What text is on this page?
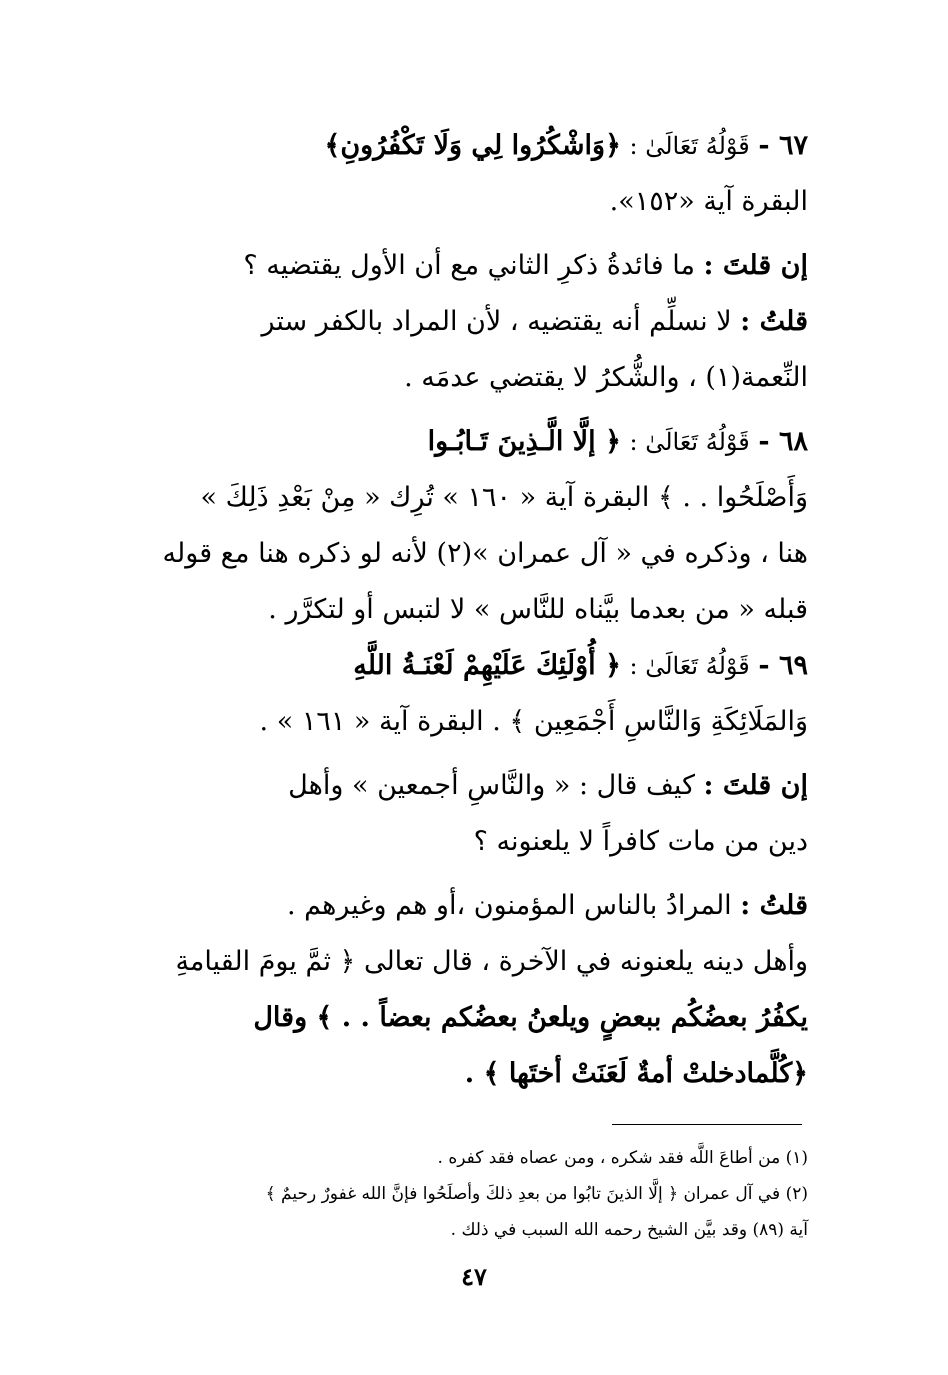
٦٧ - قَوْلُهُ تَعَالَىٰ : ﴿وَاشْكُرُوا لِي وَلَا تَكْفُرُونِ﴾
البقرة آية «١٥٢».
إن قلتَ : ما فائدةُ ذكرِ الثاني مع أن الأول يقتضيه ؟
قلتُ : لا نسلِّم أنه يقتضيه ، لأن المراد بالكفر ستر
النِّعمة(١) ، والشُّكرُ لا يقتضي عدمَه .
٦٨ - قَوْلُهُ تَعَالَىٰ : ﴿ إلَّا الَّـذِينَ تَـابُـوا
وَأَصْلَحُوا . . ﴾ البقرة آية « ١٦٠ » تُرِك « مِنْ بَعْدِ ذَلِكَ »
هنا ، وذكره في « آل عمران »(٢) لأنه لو ذكره هنا مع قوله
قبله « من بعدما بيَّناه للنَّاس » لا لتبس أو لتكرَّر .
٦٩ - قَوْلُهُ تَعَالَىٰ : ﴿ أُوْلَئِكَ عَلَيْهِمْ لَعْنَـةُ اللَّهِ
وَالمَلَائِكَةِ وَالنَّاسِ أَجْمَعِين ﴾ . البقرة آية « ١٦١ » .
إن قلتَ : كيف قال : « والنَّاسِ أجمعين » وأهل
دين من مات كافراً لا يلعنونه ؟
قلتُ : المرادُ بالناس المؤمنون ،أو هم وغيرهم .
وأهل دينه يلعنونه في الآخرة ، قال تعالى ﴿ ثمَّ يومَ القيامةِ
يكفُرُ بعضُكُم ببعضٍ ويلعنُ بعضُكم بعضاً . . ﴾ وقال
﴿كُلَّمادخلتْ أمةٌ لَعَنَتْ أختَها ﴾ .
(١) من أطاعَ اللَّه فقد شكره ، ومن عصاه فقد كفره .
(٢) في آل عمران ﴿ إلَّا الذينَ تابُوا من بعدِ ذلكَ وأصلَحُوا فإنَّ الله غفورٌ رحيمٌ ﴾
آية (٨٩) وقد بيَّن الشيخ رحمه الله السبب في ذلك .
٤٧
